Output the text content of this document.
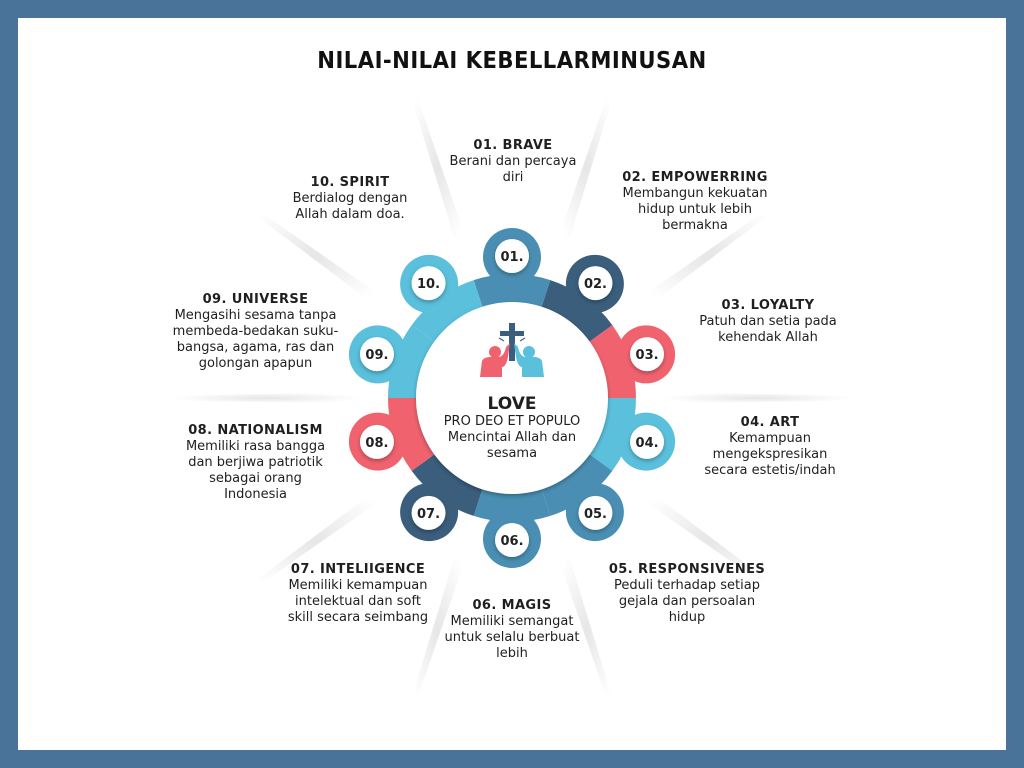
NILAI-NILAI KEBELLARMINUSAN
01.
02.
03.
04.
05.
06.
07.
08.
09.
10.
LOVE
PRO DEO ET POPULO
Mencintai Allah dan
sesama
01. BRAVE
Berani dan percaya
diri	02. EMPOWERRING
Membangun kekuatan
hidup untuk lebih
bermakna
03. LOYALTY
Patuh dan setia pada
kehendak Allah
04. ART
Kemampuan
mengekspresikan
secara estetis/indah
05. RESPONSIVENES
Peduli terhadap setiap
gejala dan persoalan
hidup
06. MAGIS
Memiliki semangat
untuk selalu berbuat
lebih
07. INTELIIGENCE
Memiliki kemampuan
intelektual dan soft
skill secara seimbang
08. NATIONALISM
Memiliki rasa bangga
dan berjiwa patriotik
sebagai orang
Indonesia
09. UNIVERSE
Mengasihi sesama tanpa
membeda-bedakan suku-
bangsa, agama, ras dan
golongan apapun
10. SPIRIT
Berdialog dengan
Allah dalam doa.
